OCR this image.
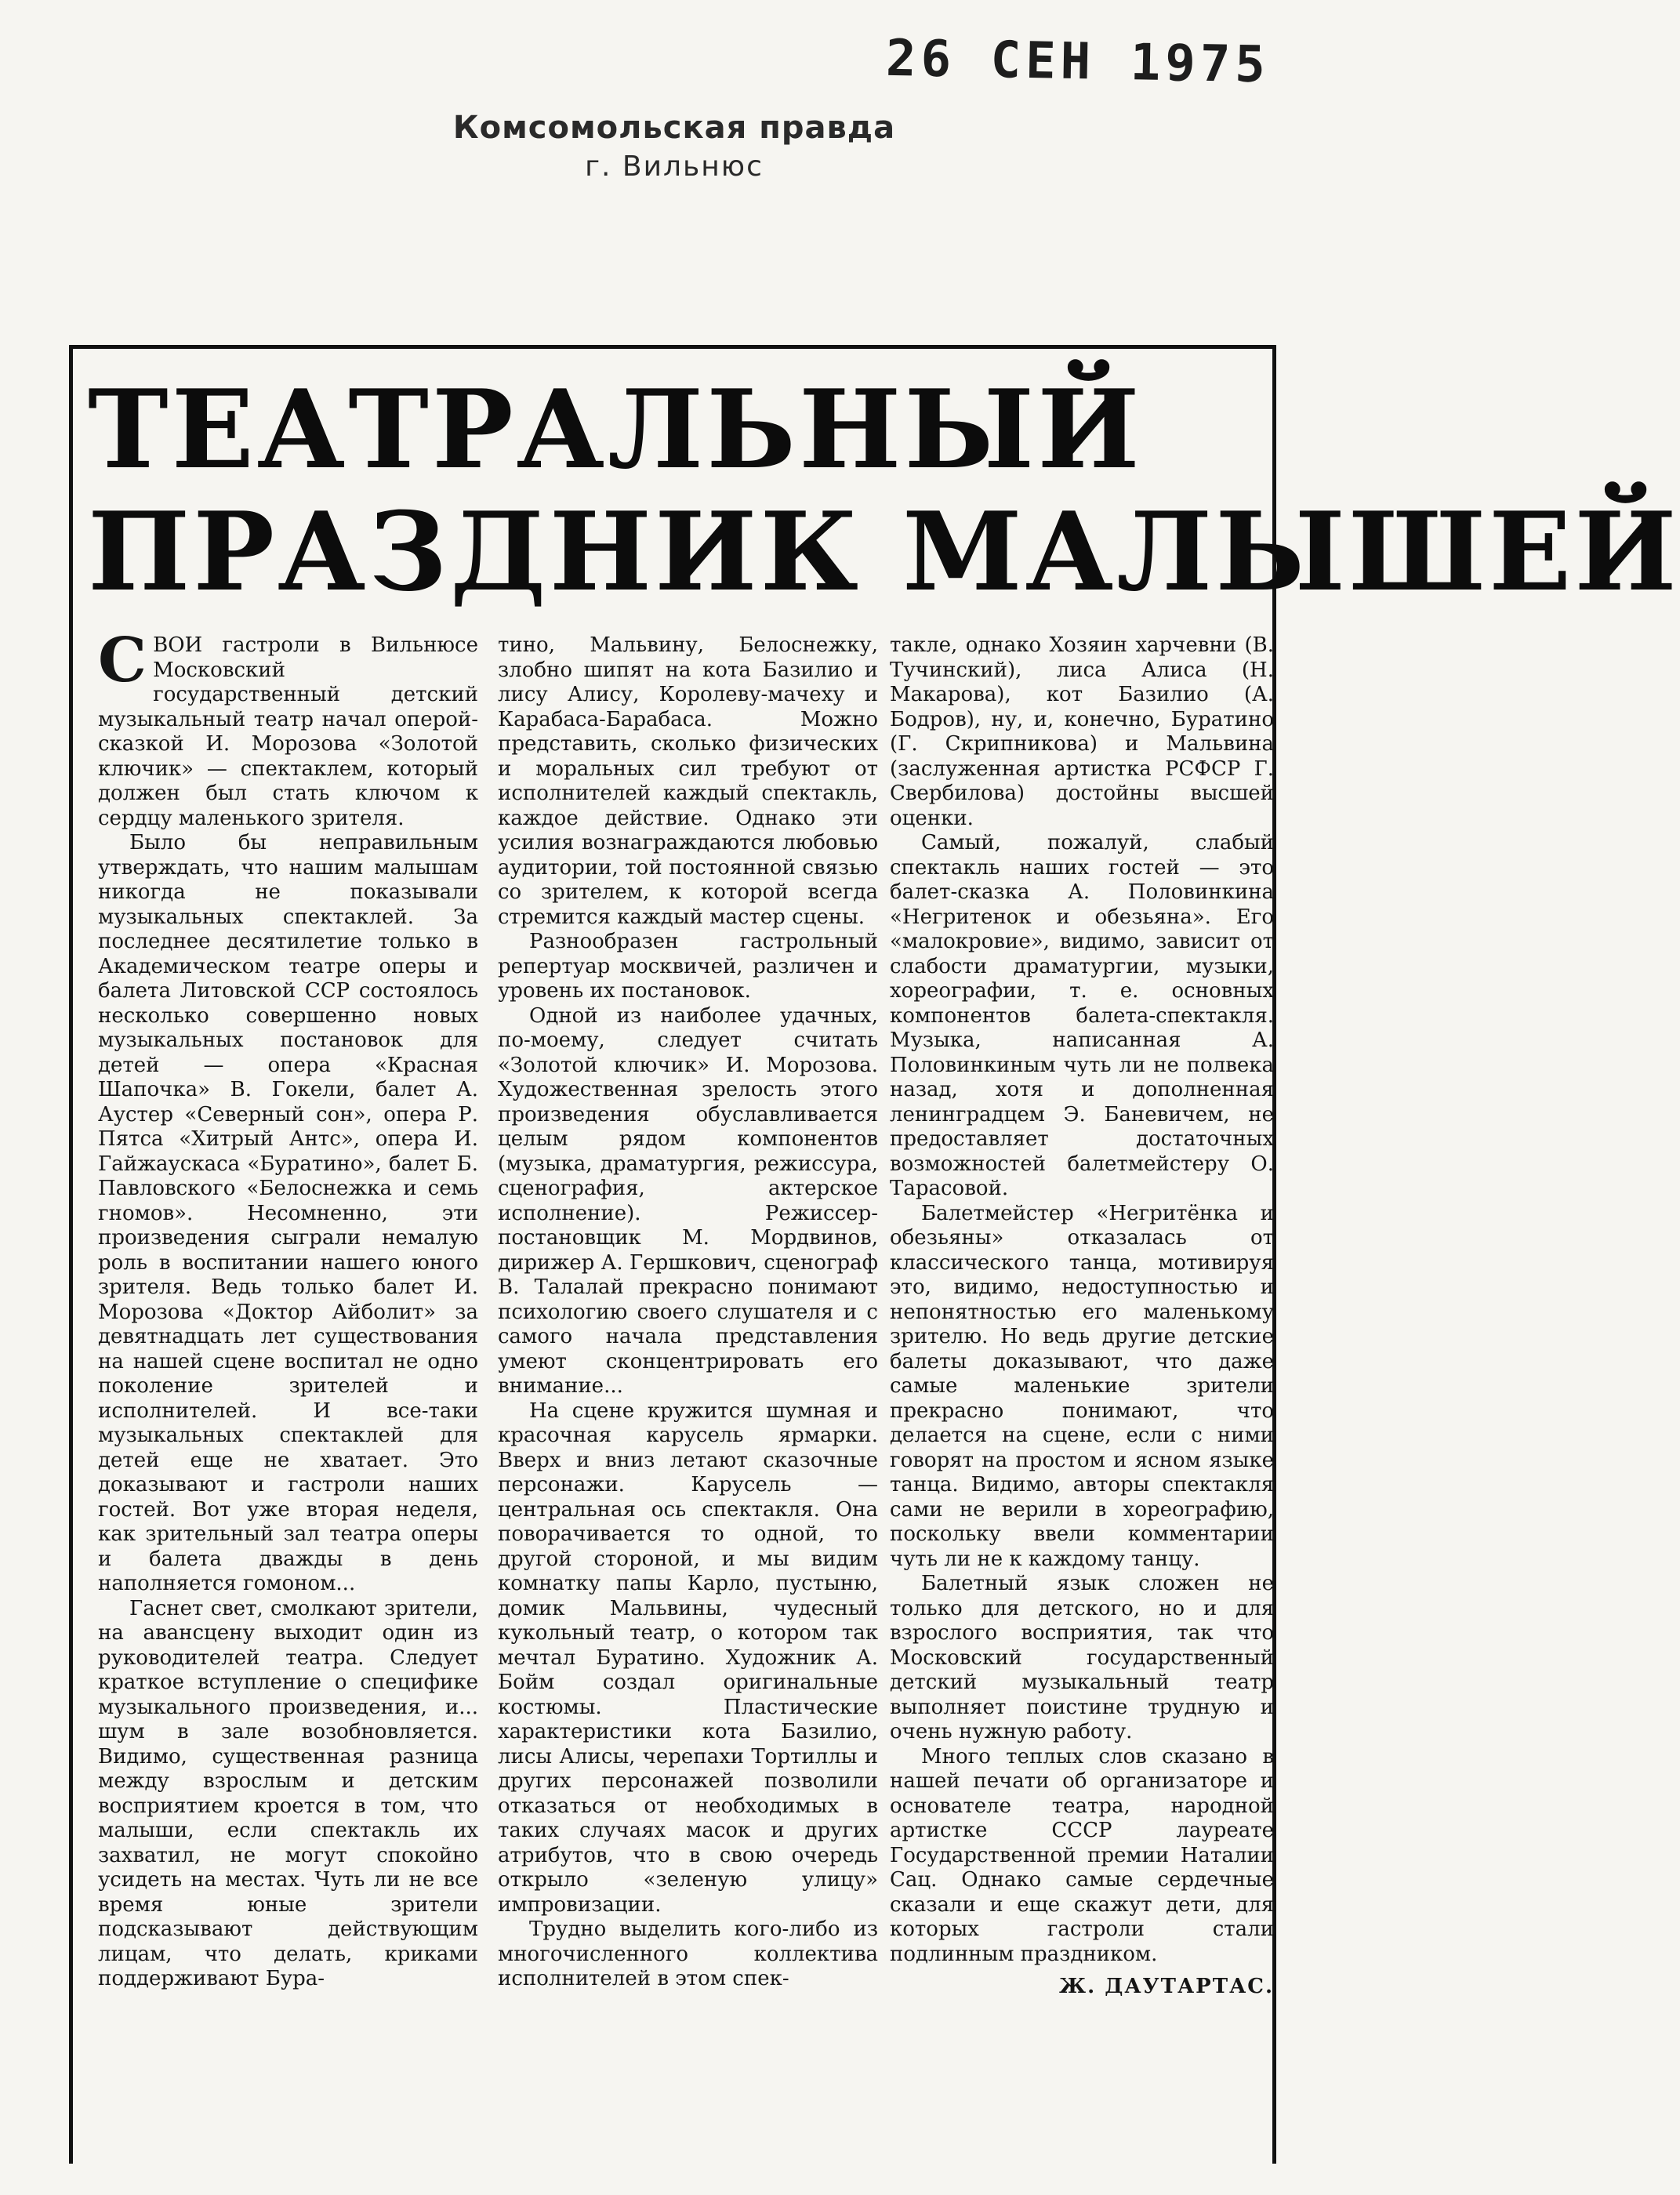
26 СЕН 1975
Комсомольская правда
г. Вильнюс
ТЕАТРАЛЬНЫЙ
ПРАЗДНИК МАЛЫШЕЙ

СВОИ гастроли в Вильнюсе Московский государственный детский музыкальный театр начал оперой-сказкой И. Морозова «Золотой ключик» — спектаклем, который должен был стать ключом к сердцу маленького зрителя.

Было бы неправильным утверждать, что нашим малышам никогда не показывали музыкальных спектаклей. За последнее десятилетие только в Академическом театре оперы и балета Литовской ССР состоялось несколько совершенно новых музыкальных постановок для детей — опера «Красная Шапочка» В. Гокели, балет А. Аустер «Северный сон», опера Р. Пятса «Хитрый Антс», опера И. Гайжаускаса «Буратино», балет Б. Павловского «Белоснежка и семь гномов». Несомненно, эти произведения сыграли немалую роль в воспитании нашего юного зрителя. Ведь только балет И. Морозова «Доктор Айболит» за девятнадцать лет существования на нашей сцене воспитал не одно поколение зрителей и исполнителей. И все-таки музыкальных спектаклей для детей еще не хватает. Это доказывают и гастроли наших гостей. Вот уже вторая неделя, как зрительный зал театра оперы и балета дважды в день наполняется гомоном...

Гаснет свет, смолкают зрители, на авансцену выходит один из руководителей театра. Следует краткое вступление о специфике музыкального произведения, и... шум в зале возобновляется. Видимо, существенная разница между взрослым и детским восприятием кроется в том, что малыши, если спектакль их захватил, не могут спокойно усидеть на местах. Чуть ли не все время юные зрители подсказывают действующим лицам, что делать, криками поддерживают Бура-

тино, Мальвину, Белоснежку, злобно шипят на кота Базилио и лису Алису, Королеву-мачеху и Карабаса-Барабаса. Можно представить, сколько физических и моральных сил требуют от исполнителей каждый спектакль, каждое действие. Однако эти усилия вознаграждаются любовью аудитории, той постоянной связью со зрителем, к которой всегда стремится каждый мастер сцены.

Разнообразен гастрольный репертуар москвичей, различен и уровень их постановок.

Одной из наиболее удачных, по-моему, следует считать «Золотой ключик» И. Морозова. Художественная зрелость этого произведения обуславливается целым рядом компонентов (музыка, драматургия, режиссура, сценография, актерское исполнение). Режиссер-постановщик М. Мордвинов, дирижер А. Гершкович, сценограф В. Талалай прекрасно понимают психологию своего слушателя и с самого начала представления умеют сконцентрировать его внимание...

На сцене кружится шумная и красочная карусель ярмарки. Вверх и вниз летают сказочные персонажи. Карусель — центральная ось спектакля. Она поворачивается то одной, то другой стороной, и мы видим комнатку папы Карло, пустыню, домик Мальвины, чудесный кукольный театр, о котором так мечтал Буратино. Художник А. Бойм создал оригинальные костюмы. Пластические характеристики кота Базилио, лисы Алисы, черепахи Тортиллы и других персонажей позволили отказаться от необходимых в таких случаях масок и других атрибутов, что в свою очередь открыло «зеленую улицу» импровизации.

Трудно выделить кого-либо из многочисленного коллектива исполнителей в этом спек-

такле, однако Хозяин харчевни (В. Тучинский), лиса Алиса (Н. Макарова), кот Базилио (А. Бодров), ну, и, конечно, Буратино (Г. Скрипникова) и Мальвина (заслуженная артистка РСФСР Г. Свербилова) достойны высшей оценки.

Самый, пожалуй, слабый спектакль наших гостей — это балет-сказка А. Половинкина «Негритенок и обезьяна». Его «малокровие», видимо, зависит от слабости драматургии, музыки, хореографии, т. е. основных компонентов балета-спектакля. Музыка, написанная А. Половинкиным чуть ли не полвека назад, хотя и дополненная ленинградцем Э. Баневичем, не предоставляет достаточных возможностей балетмейстеру О. Тарасовой.

Балетмейстер «Негритёнка и обезьяны» отказалась от классического танца, мотивируя это, видимо, недоступностью и непонятностью его маленькому зрителю. Но ведь другие детские балеты доказывают, что даже самые маленькие зрители прекрасно понимают, что делается на сцене, если с ними говорят на простом и ясном языке танца. Видимо, авторы спектакля сами не верили в хореографию, поскольку ввели комментарии чуть ли не к каждому танцу.

Балетный язык сложен не только для детского, но и для взрослого восприятия, так что Московский государственный детский музыкальный театр выполняет поистине трудную и очень нужную работу.

Много теплых слов сказано в нашей печати об организаторе и основателе театра, народной артистке СССР лауреате Государственной премии Наталии Сац. Однако самые сердечные сказали и еще скажут дети, для которых гастроли стали подлинным праздником.

Ж. ДАУТАРТАС.
